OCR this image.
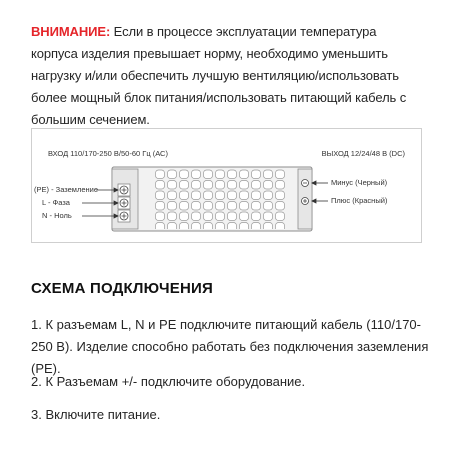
ВНИМАНИЕ: Если в процессе эксплуатации температура корпуса изделия превышает норму, необходимо уменьшить нагрузку и/или обеспечить лучшую вентиляцию/использовать более мощный блок питания/использовать питающий кабель с большим сечением.
ВХОД 110/170-250 В/50-60 Гц (АС)	ВЫХОД 12/24/48 В (DС)
(PE) - Заземление
L - Фаза
N - Ноль
Минус (Черный)
Плюс (Красный)
СХЕМА ПОДКЛЮЧЕНИЯ
1. К разъемам L, N и PE подключите питающий кабель (110/170-250 В). Изделие способно работать без подключения заземления (PE).
2. К Разъемам +/- подключите оборудование.
3. Включите питание.
